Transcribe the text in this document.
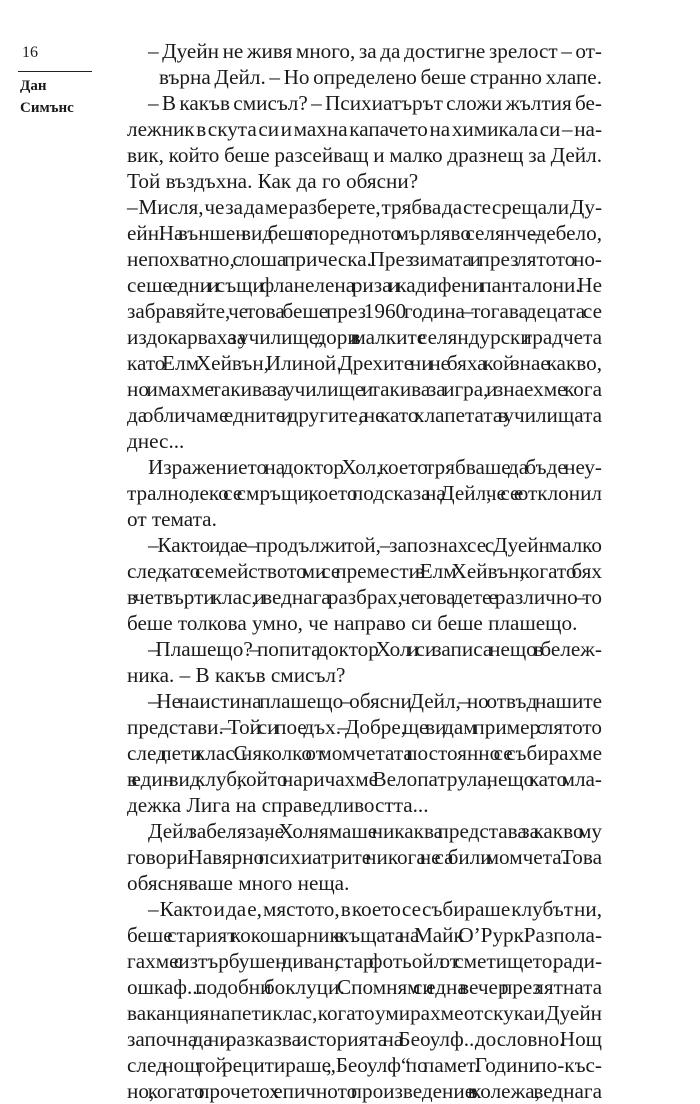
16
Дан
Симънс
– Дуейн не живя много, за да достигне зрелост – от-
върна Дейл. – Но определено беше странно хлапе.
– В какъв смисъл? – Психиатърът сложи жълтия бе-
лежник в скута си и махна капачето на химикала си – на-
вик, който беше разсейващ и малко дразнещ за Дейл.
Той въздъхна. Как да го обясни?
– Мисля, че за да ме разберете, трябва да сте срещали Ду-
ейн. На външен вид беше поредното мърляво селянче – дебело,
непохватно, с лоша прическа. През зимата и през лятото но-
сеше едни и същи фланелена риза и кадифени панталони. Не
забравяйте, че това беше през 1960 година – тогава децата се
издокарваха за училище, дори в малките селяндурски градчета
като Елм Хейвън, Илиной. Дрехите ни не бяха кой знае какво,
но имахме такива за училище и такива за игра, и знаехме кога
да обличаме едните и другите, а не като хлапетата в училищата
днес...
Изражението на доктор Хол, което трябваше да бъде неу-
трално, леко се смръщи, което подсказа на Дейл, че се е отклонил
от темата.
– Както и да е – продължи той, – запознах се с Дуейн малко
след като семейството ми се премести в Елм Хейвън, когато бях
в четвърти клас, и веднага разбрах, че това дете е различно – то
беше толкова умно, че направо си беше плашещо.
– Плашещо? – попита доктор Хол и си записа нещо в бележ-
ника. – В какъв смисъл?
– Не наистина плашещо – обясни Дейл, – но отвъд нашите
представи. – Той си пое дъх. – Добре, ще ви дам пример с лятото
след пети клас. С няколко от момчетата постоянно се събирахме
в един вид клуб, който наричахме Велопатрула, нещо като мла-
дежка Лига на справедливостта...
Дейл забеляза, че Хол нямаше никаква представа за какво му
говори. Навярно психиатрите никога не са били момчета. Това
обясняваше много неща.
– Както и да е, мястото, в което се събираше клубът ни,
беше старият кокошарник в къщата на Майк О’Рурк. Разпола-
гахме с изтърбушен диван, стар фотьойл от сметището, ради-
ошкаф... подобни боклуци. Спомням си една вечер през лятната
ваканция на пети клас, когато умирахме от скука и Дуейн
започна да ни разказва историята на Беоулф... дословно. Нощ
след нощ той рецитираше „Беоулф“ по памет. Години по-къс-
но, когато прочетох епичното произведение в колежа, веднага
